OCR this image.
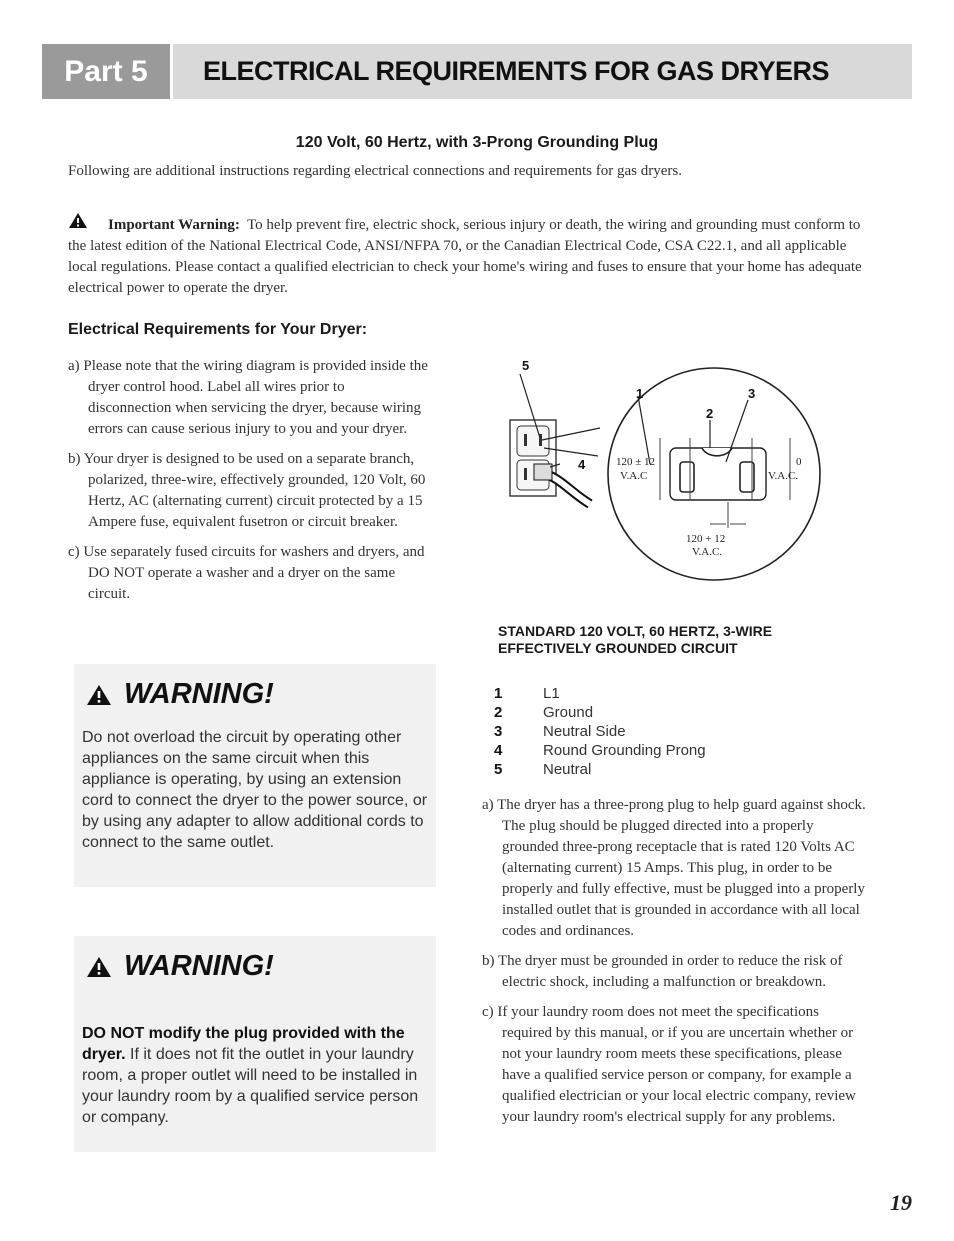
Part 5	ELECTRICAL REQUIREMENTS FOR GAS DRYERS
120 Volt, 60 Hertz, with 3-Prong Grounding Plug
Following are additional instructions regarding electrical connections and requirements for gas dryers.
Important Warning: To help prevent fire, electric shock, serious injury or death, the wiring and grounding must conform to the latest edition of the National Electrical Code, ANSI/NFPA 70, or the Canadian Electrical Code, CSA C22.1, and all applicable local regulations. Please contact a qualified electrician to check your home's wiring and fuses to ensure that your home has adequate electrical power to operate the dryer.
Electrical Requirements for Your Dryer:
a) Please note that the wiring diagram is provided inside the dryer control hood. Label all wires prior to disconnection when servicing the dryer, because wiring errors can cause serious injury to you and your dryer.
b) Your dryer is designed to be used on a separate branch, polarized, three-wire, effectively grounded, 120 Volt, 60 Hertz, AC (alternating current) circuit protected by a 15 Ampere fuse, equivalent fusetron or circuit breaker.
c) Use separately fused circuits for washers and dryers, and DO NOT operate a washer and a dryer on the same circuit.
WARNING!
Do not overload the circuit by operating other appliances on the same circuit when this appliance is operating, by using an extension cord to connect the dryer to the power source, or by using any adapter to allow additional cords to connect to the same outlet.
WARNING!
DO NOT modify the plug provided with the dryer. If it does not fit the outlet in your laundry room, a proper outlet will need to be installed in your laundry room by a qualified service person or company.
5
1
2
3
4	120 ± 12
V.A.C
0
V.A.C.
120 + 12
V.A.C.
STANDARD 120 VOLT, 60 HERTZ, 3-WIRE EFFECTIVELY GROUNDED CIRCUIT
1	L1
2	Ground
3	Neutral Side
4	Round Grounding Prong
5	Neutral
a) The dryer has a three-prong plug to help guard against shock. The plug should be plugged directed into a properly grounded three-prong receptacle that is rated 120 Volts AC (alternating current) 15 Amps. This plug, in order to be properly and fully effective, must be plugged into a properly installed outlet that is grounded in accordance with all local codes and ordinances.
b) The dryer must be grounded in order to reduce the risk of electric shock, including a malfunction or breakdown.
c) If your laundry room does not meet the specifications required by this manual, or if you are uncertain whether or not your laundry room meets these specifications, please have a qualified service person or company, for example a qualified electrician or your local electric company, review your laundry room's electrical supply for any problems.
19
